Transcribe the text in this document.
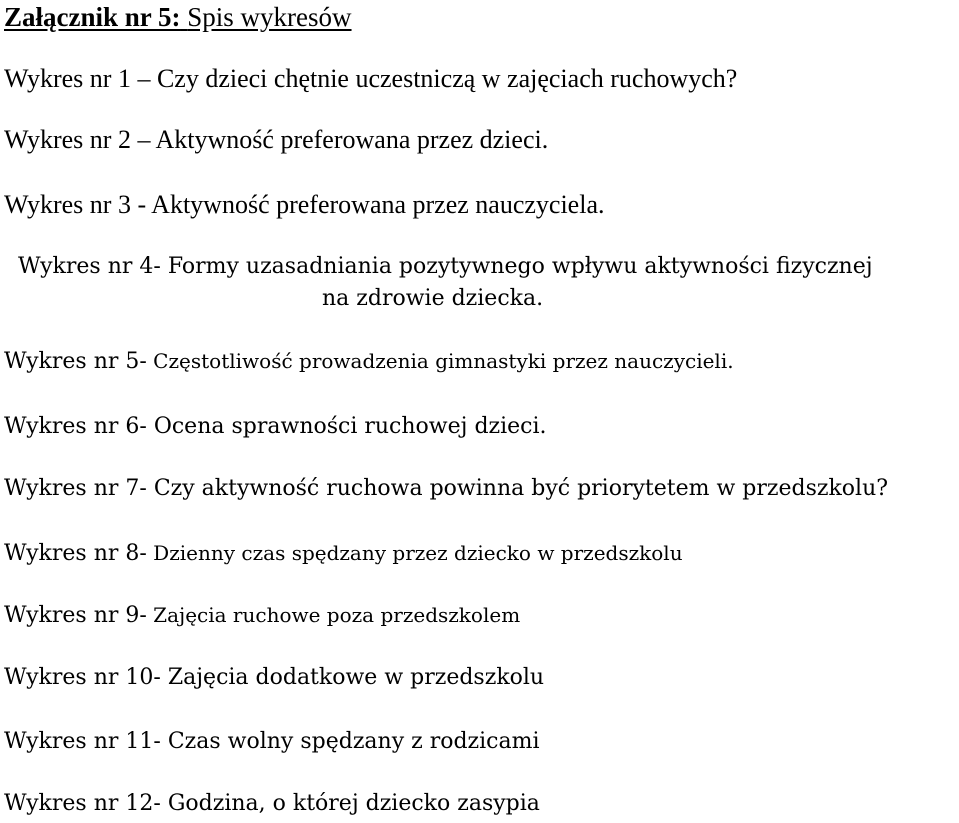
Załącznik nr 5: Spis wykresów
Wykres nr 1 – Czy dzieci chętnie uczestniczą w zajęciach ruchowych?
Wykres nr 2 – Aktywność preferowana przez dzieci.
Wykres nr 3 - Aktywność preferowana przez nauczyciela.
Wykres nr 4- Formy uzasadniania pozytywnego wpływu aktywności fizycznej
na zdrowie dziecka.
Wykres nr 5- Częstotliwość prowadzenia gimnastyki przez nauczycieli.
Wykres nr 6- Ocena sprawności ruchowej dzieci.
Wykres nr 7- Czy aktywność ruchowa powinna być priorytetem w przedszkolu?
Wykres nr 8- Dzienny czas spędzany przez dziecko w przedszkolu
Wykres nr 9- Zajęcia ruchowe poza przedszkolem
Wykres nr 10- Zajęcia dodatkowe w przedszkolu
Wykres nr 11- Czas wolny spędzany z rodzicami
Wykres nr 12- Godzina, o której dziecko zasypia
